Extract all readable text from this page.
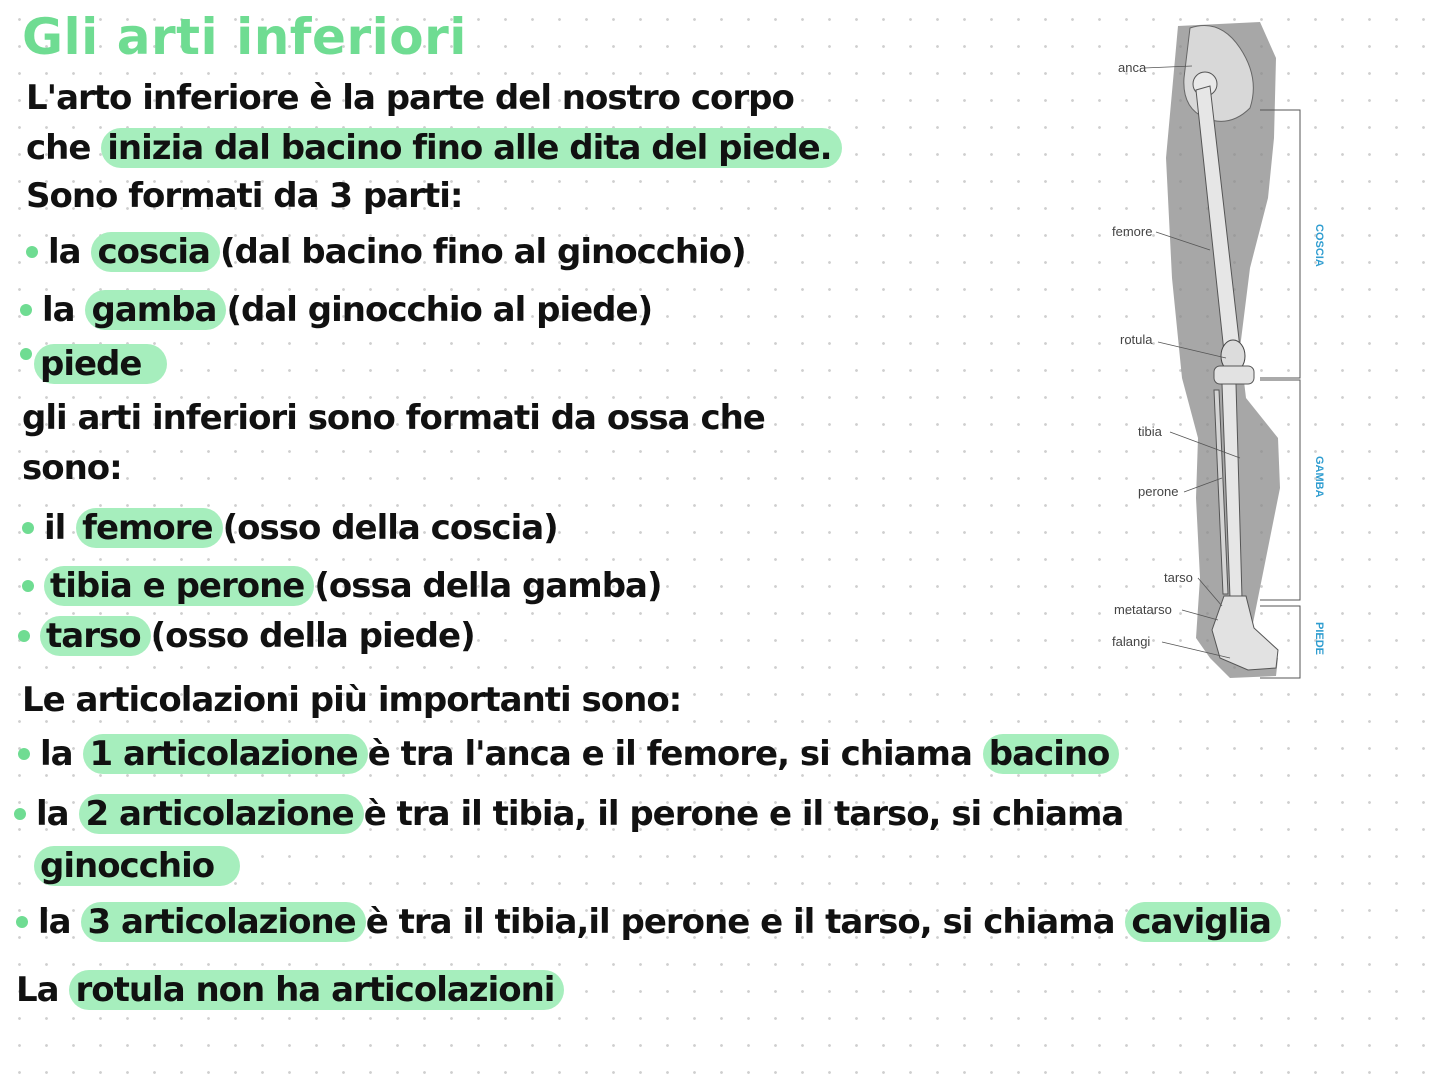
Gli arti inferiori
L'arto inferiore è la parte del nostro corpo
che inizia dal bacino fino alle dita del piede.
Sono formati da 3 parti:
la coscia (dal bacino fino al ginocchio)
la gamba (dal ginocchio al piede)
piede
gli arti inferiori sono formati da ossa che
sono:
il femore (osso della coscia)
tibia e perone (ossa della gamba)
tarso (osso della piede)
Le articolazioni più importanti sono:
la 1 articolazione è tra l'anca e il femore, si chiama bacino
la 2 articolazione è tra il tibia, il perone e il tarso, si chiama
ginocchio
la 3 articolazione è tra il tibia,il perone e il tarso, si chiama caviglia
La rotula non ha articolazioni
anca
femore
rotula
tibia
perone
tarso
metatarso
falangi
COSCIA
GAMBA
PIEDE
